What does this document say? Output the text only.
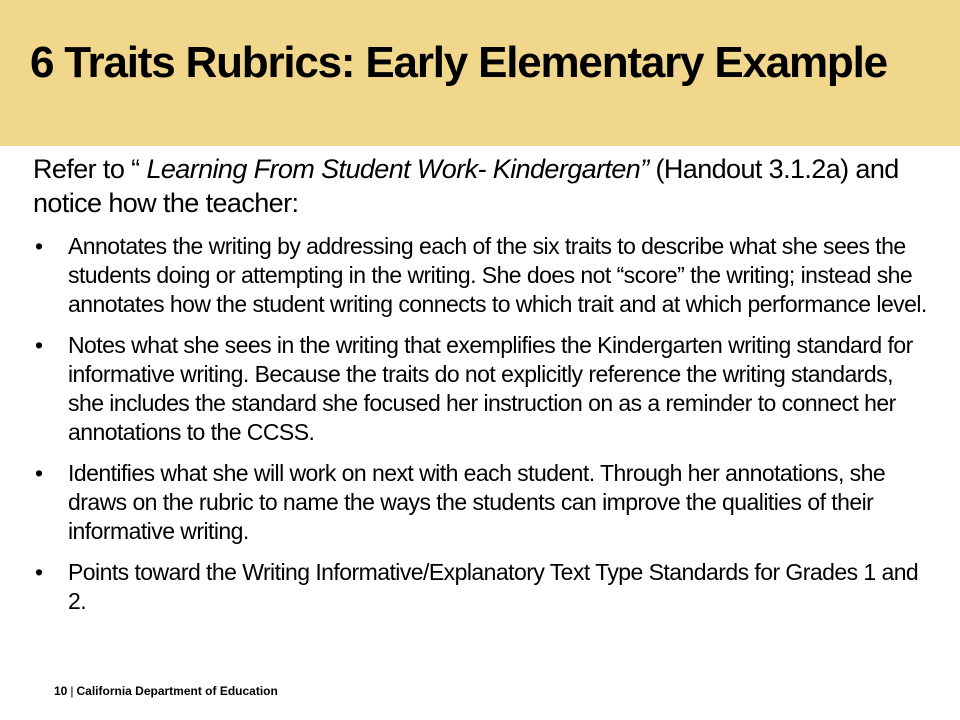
6 Traits Rubrics: Early Elementary Example

Refer to “ Learning From Student Work- Kindergarten” (Handout 3.1.2a) and notice how the teacher:

•	Annotates the writing by addressing each of the six traits to describe what she sees the students doing or attempting in the writing. She does not “score” the writing; instead she annotates how the student writing connects to which trait and at which performance level.
•	Notes what she sees in the writing that exemplifies the Kindergarten writing standard for informative writing. Because the traits do not explicitly reference the writing standards, she includes the standard she focused her instruction on as a reminder to connect her annotations to the CCSS.
•	Identifies what she will work on next with each student. Through her annotations, she draws on the rubric to name the ways the students can improve the qualities of their informative writing.
•	Points toward the Writing Informative/Explanatory Text Type Standards for Grades 1 and 2.
10 | California Department of Education
